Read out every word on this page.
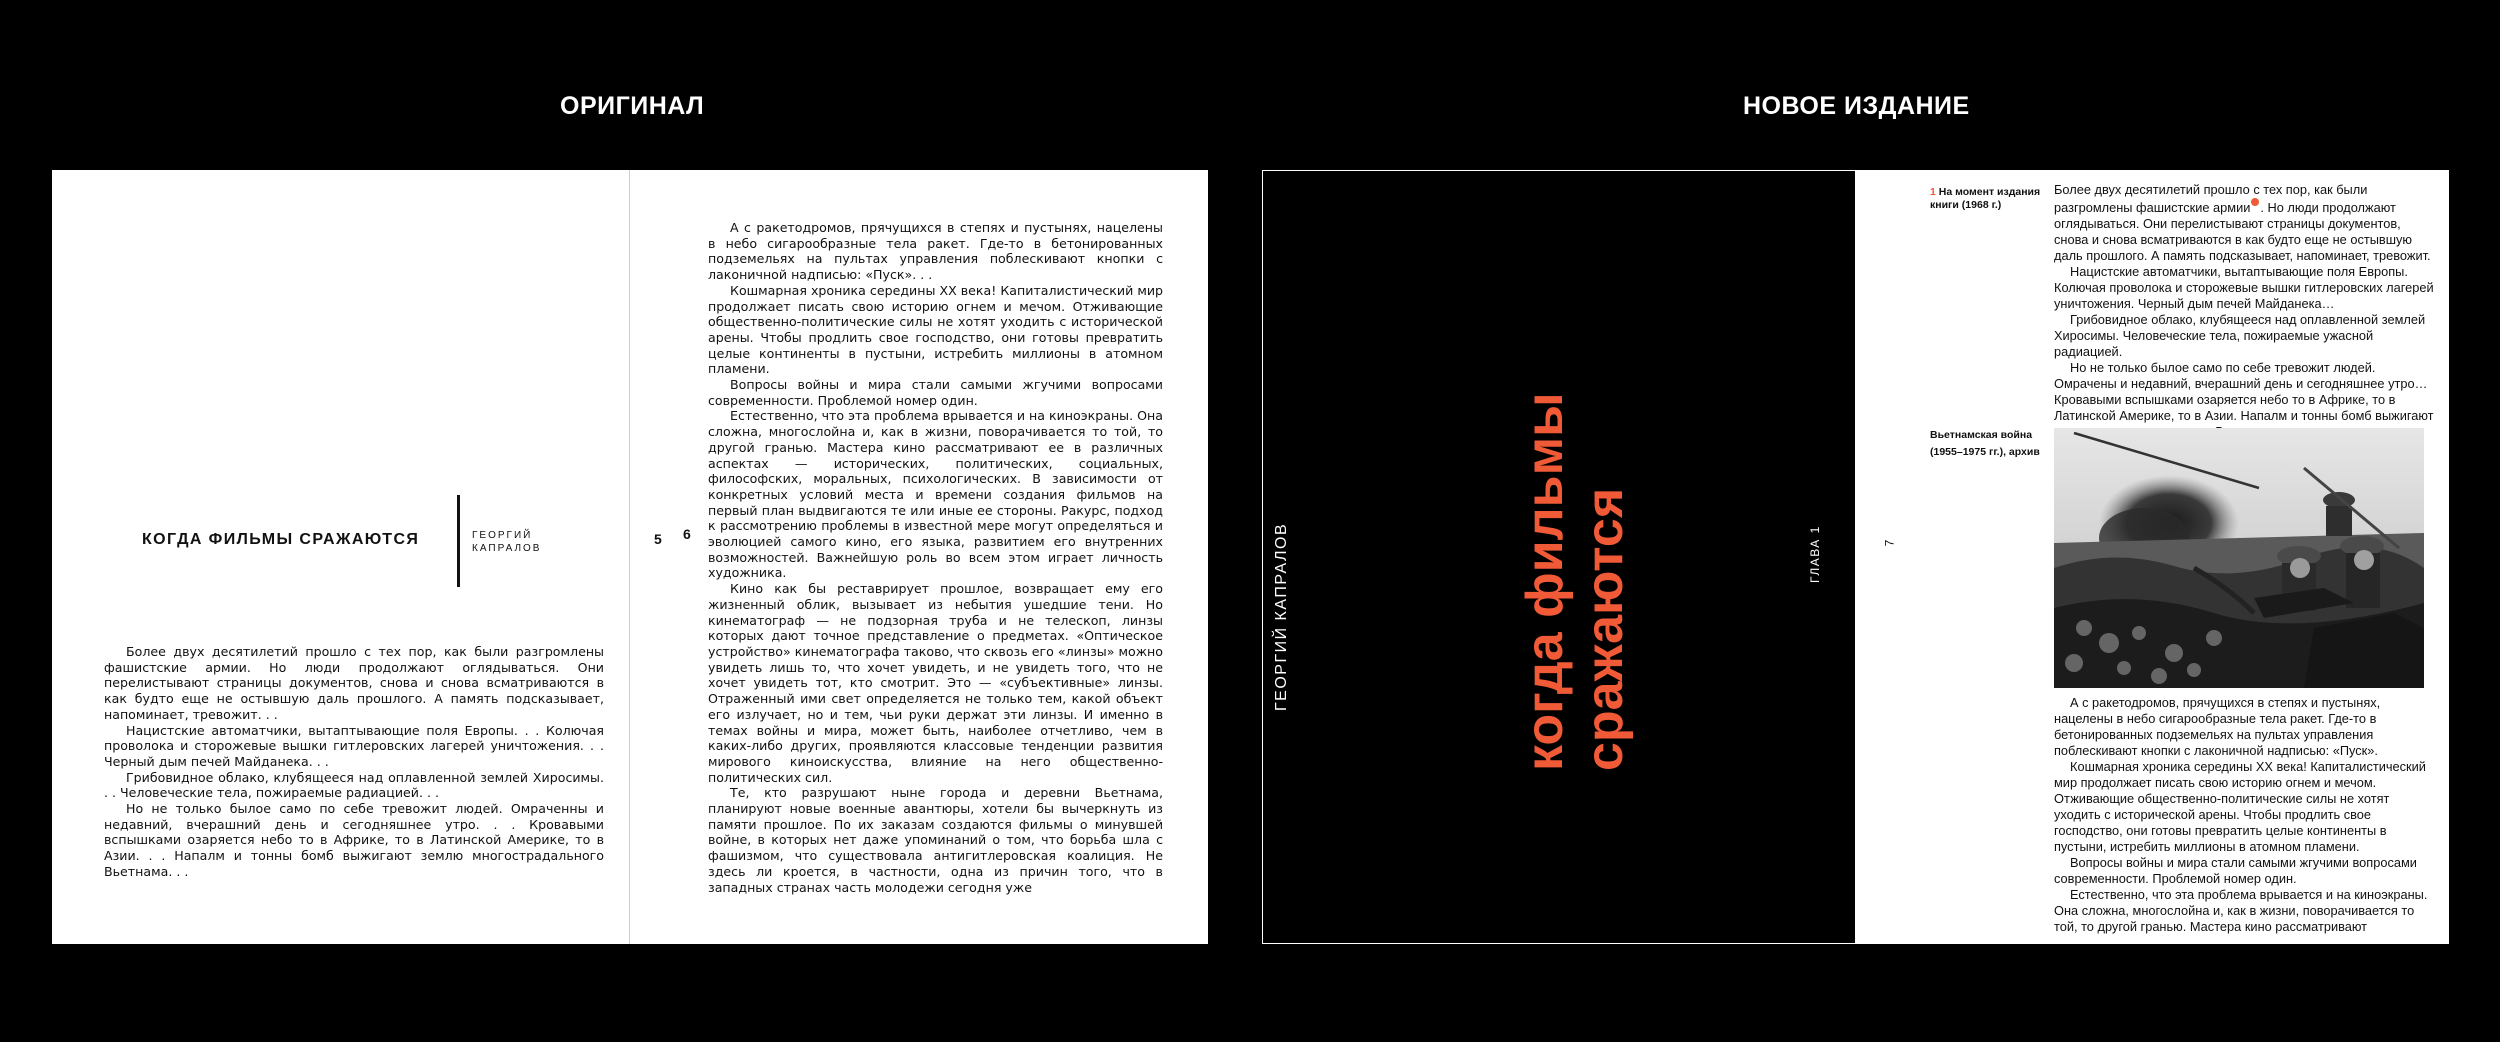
ОРИГИНАЛ	НОВОЕ ИЗДАНИЕ
КОГДА ФИЛЬМЫ СРАЖАЮТСЯ	ГЕОРГИЙ КАПРАЛОВ
5

Более двух десятилетий прошло с тех пор, как были разгромлены фашистские армии. Но люди продолжают оглядываться. Они перелистывают страницы документов, снова и снова всматриваются в как будто еще не остывшую даль прошлого. А память подсказывает, напоминает, тревожит. . .

Нацистские автоматчики, вытаптывающие поля Европы. . . Колючая проволока и сторожевые вышки гитлеровских лагерей уничтожения. . . Черный дым печей Майданека. . .

Грибовидное облако, клубящееся над оплавленной землей Хиросимы. . . Человеческие тела, пожираемые радиацией. . .

Но не только былое само по себе тревожит людей. Омраченны и недавний, вчерашний день и сегодняшнее утро. . . Кровавыми вспышками озаряется небо то в Африке, то в Латинской Америке, то в Азии. . . Напалм и тонны бомб выжигают землю многострадального Вьетнама. . .

6

А с ракетодромов, прячущихся в степях и пустынях, нацелены в небо сигарообразные тела ракет. Где-то в бетонированных подземельях на пультах управления поблескивают кнопки с лаконичной надписью: «Пуск». . .

Кошмарная хроника середины XX века! Капиталистический мир продолжает писать свою историю огнем и мечом. Отживающие общественно-политические силы не хотят уходить с исторической арены. Чтобы продлить свое господство, они готовы превратить целые континенты в пустыни, истребить миллионы в атомном пламени.

Вопросы войны и мира стали самыми жгучими вопросами современности. Проблемой номер один.

Естественно, что эта проблема врывается и на киноэкраны. Она сложна, многослойна и, как в жизни, поворачивается то той, то другой гранью. Мастера кино рассматривают ее в различных аспектах — исторических, политических, социальных, философских, моральных, психологических. В зависимости от конкретных условий места и времени создания фильмов на первый план выдвигаются те или иные ее стороны. Ракурс, подход к рассмотрению проблемы в известной мере могут определяться и эволюцией самого кино, его языка, развитием его внутренних возможностей. Важнейшую роль во всем этом играет личность художника.

Кино как бы реставрирует прошлое, возвращает ему его жизненный облик, вызывает из небытия ушедшие тени. Но кинематограф — не подзорная труба и не телескоп, линзы которых дают точное представление о предметах. «Оптическое устройство» кинематографа таково, что сквозь его «линзы» можно увидеть лишь то, что хочет увидеть, и не увидеть того, что не хочет увидеть тот, кто смотрит. Это — «субъективные» линзы. Отраженный ими свет определяется не только тем, какой объект его излучает, но и тем, чьи руки держат эти линзы. И именно в темах войны и мира, может быть, наиболее отчетливо, чем в каких-либо других, проявляются классовые тенденции развития мирового киноискусства, влияние на него общественно-политических сил.

Те, кто разрушают ныне города и деревни Вьетнама, планируют новые военные авантюры, хотели бы вычеркнуть из памяти прошлое. По их заказам создаются фильмы о минувшей войне, в которых нет даже упоминаний о том, что борьба шла с фашизмом, что существовала антигитлеровская коалиция. Не здесь ли кроется, в частности, одна из причин того, что в западных странах часть молодежи сегодня уже

ГЕОРГИЙ КАПРАЛОВ	когда фильмы сражаются	ГЛАВА 1	7
1 На момент издания книги (1968 г.)
Вьетнамская война (1955–1975 гг.), архив

Более двух десятилетий прошло с тех пор, как были разгромлены фашистские армии . Но люди продолжают оглядываться. Они перелистывают страницы документов, снова и снова всматриваются в как будто еще не остывшую даль прошлого. А память подсказывает, напоминает, тревожит.

Нацистские автоматчики, вытаптывающие поля Европы. Колючая проволока и сторожевые вышки гитлеровских лагерей уничтожения. Черный дым печей Майданека…

Грибовидное облако, клубящееся над оплавленной землей Хиросимы. Человеческие тела, пожираемые ужасной радиацией.

Но не только былое само по себе тревожит людей. Омрачены и недавний, вчерашний день и сегодняшнее утро… Кровавыми вспышками озаряется небо то в Африке, то в Латинской Америке, то в Азии. Напалм и тонны бомб выжигают

А с ракетодромов, прячущихся в степях и пустынях, нацелены в небо сигарообразные тела ракет. Где-то в бетонированных подземельях на пультах управления поблескивают кнопки с лаконичной надписью: «Пуск».

Кошмарная хроника середины XX века! Капиталистический мир продолжает писать свою историю огнем и мечом. Отживающие общественно-политические силы не хотят уходить с исторической арены. Чтобы продлить свое господство, они готовы превратить целые континенты в пустыни, истребить миллионы в атомном пламени.

Вопросы войны и мира стали самыми жгучими вопросами современности. Проблемой номер один.

Естественно, что эта проблема врывается и на киноэкраны. Она сложна, многослойна и, как в жизни, поворачивается то той, то другой гранью. Мастера кино рассматривают
